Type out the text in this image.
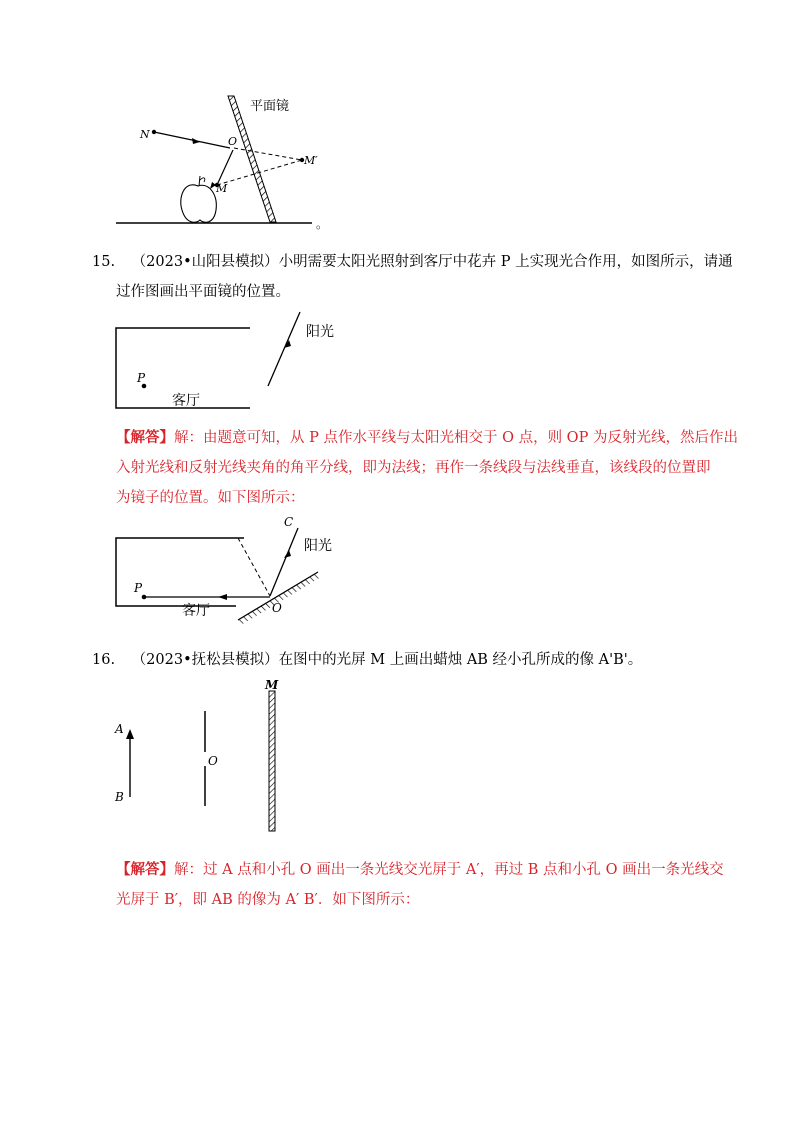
平面镜
N
O
M′
M
。
15. （2023•山阳县模拟）小明需要太阳光照射到客厅中花卉 P 上实现光合作用，如图所示，请通
过作图画出平面镜的位置。
P
客厅
阳光
【解答】解：由题意可知，从 P 点作水平线与太阳光相交于 O 点，则 OP 为反射光线，然后作出
入射光线和反射光线夹角的角平分线，即为法线；再作一条线段与法线垂直，该线段的位置即
为镜子的位置。如下图所示：
C
阳光
P
客厅	O
16. （2023•抚松县模拟）在图中的光屏 M 上画出蜡烛 AB 经小孔所成的像 A'B'。
M
A
B
O
【解答】解：过 A 点和小孔 O 画出一条光线交光屏于 A′，再过 B 点和小孔 O 画出一条光线交
光屏于 B′，即 AB 的像为 A′ B′．如下图所示：
